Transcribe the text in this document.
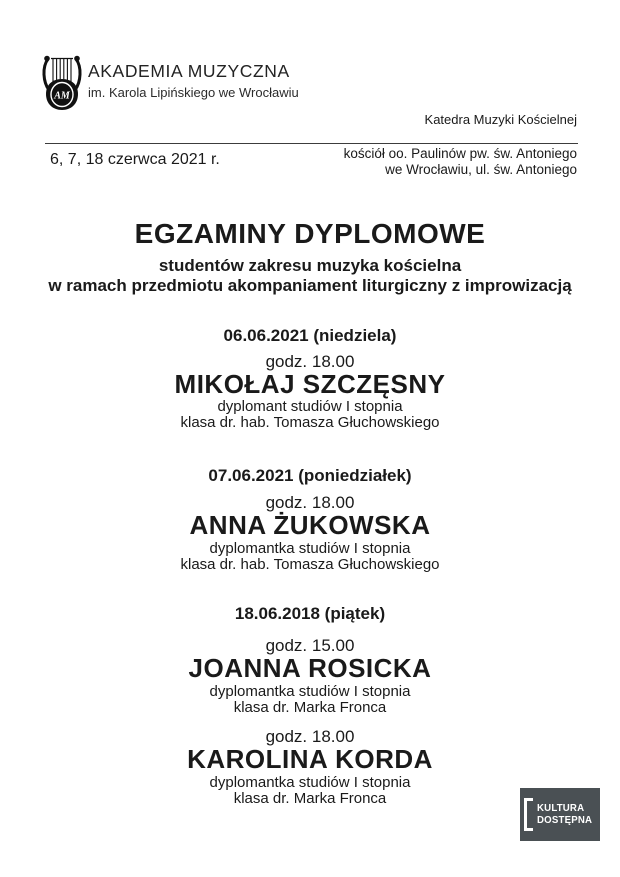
AM
AKADEMIA MUZYCZNA
im. Karola Lipińskiego we Wrocławiu
Katedra Muzyki Kościelnej
6, 7, 18 czerwca 2021 r.	kościół oo. Paulinów pw. św. Antoniego
we Wrocławiu, ul. św. Antoniego
EGZAMINY DYPLOMOWE
studentów zakresu muzyka kościelna
w ramach przedmiotu akompaniament liturgiczny z improwizacją
06.06.2021 (niedziela)
godz. 18.00
MIKOŁAJ SZCZĘSNY
dyplomant studiów I stopnia
klasa dr. hab. Tomasza Głuchowskiego
07.06.2021 (poniedziałek)
godz. 18.00
ANNA ŻUKOWSKA
dyplomantka studiów I stopnia
klasa dr. hab. Tomasza Głuchowskiego
18.06.2018 (piątek)
godz. 15.00
JOANNA ROSICKA
dyplomantka studiów I stopnia
klasa dr. Marka Fronca
godz. 18.00
KAROLINA KORDA
dyplomantka studiów I stopnia
klasa dr. Marka Fronca
KULTURA
DOSTĘPNA
